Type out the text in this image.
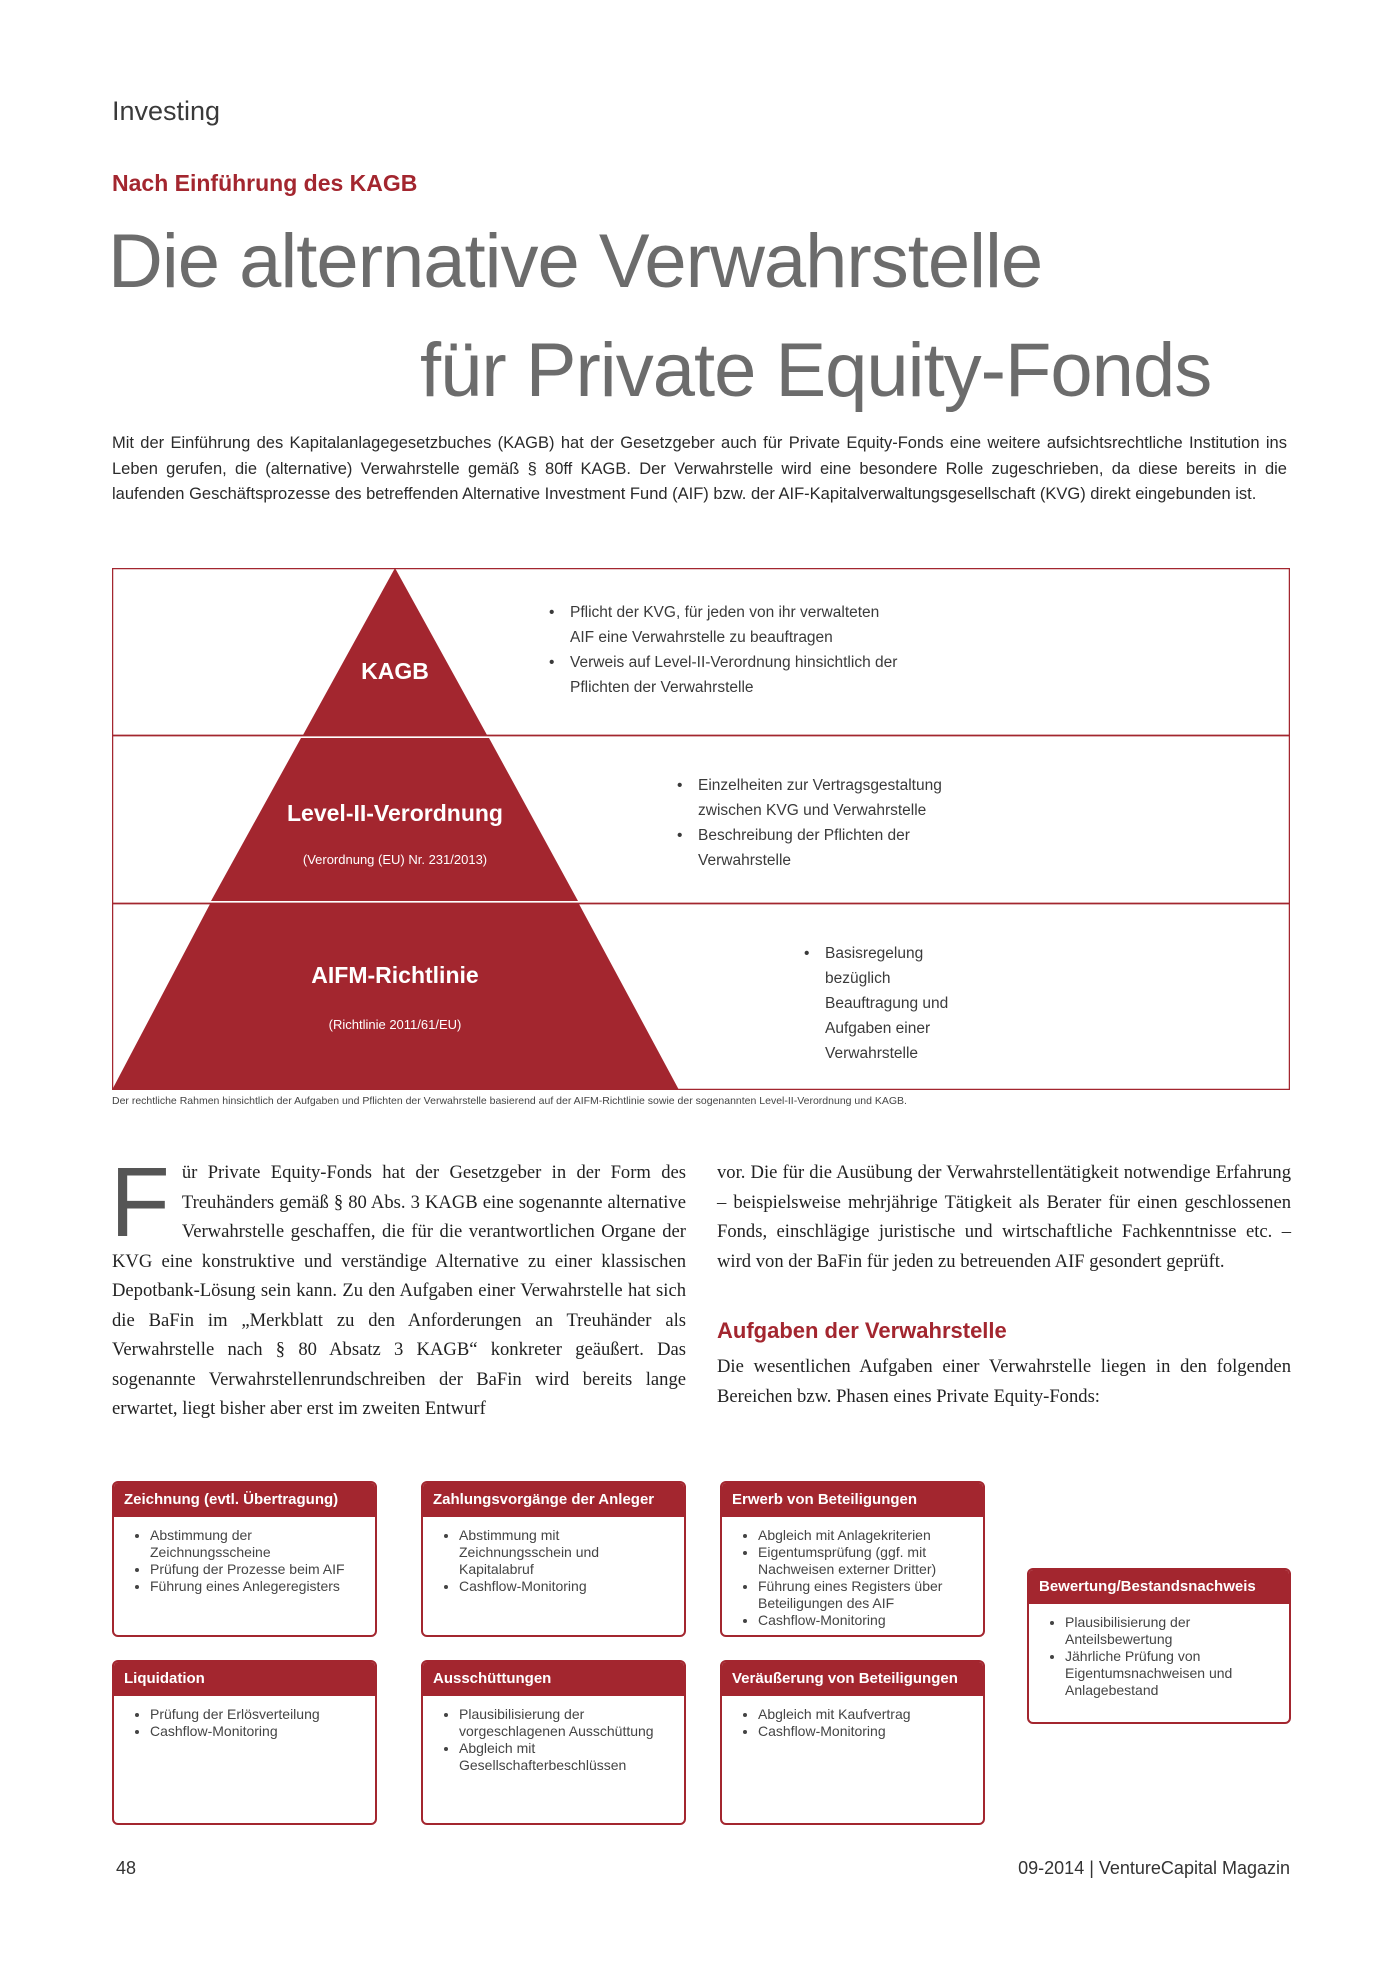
Investing
Nach Einführung des KAGB
Die alternative Verwahrstelle
für Private Equity-Fonds
Mit der Einführung des Kapitalanlagegesetzbuches (KAGB) hat der Gesetzgeber auch für Private Equity-Fonds eine weitere aufsichtsrechtliche Institution ins Leben gerufen, die (alternative) Verwahrstelle gemäß § 80ff KAGB. Der Verwahrstelle wird eine besondere Rolle zugeschrieben, da diese bereits in die laufenden Geschäftsprozesse des betreffenden Alternative Investment Fund (AIF) bzw. der AIF-Kapitalverwaltungsgesellschaft (KVG) direkt eingebunden ist.
KAGB
Level-II-Verordnung
(Verordnung (EU) Nr. 231/2013)
AIFM-Richtlinie
(Richtlinie 2011/61/EU)
• Pflicht der KVG, für jeden von ihr verwalteten
AIF eine Verwahrstelle zu beauftragen
• Verweis auf Level-II-Verordnung hinsichtlich der
Pflichten der Verwahrstelle
• Einzelheiten zur Vertragsgestaltung
zwischen KVG und Verwahrstelle
• Beschreibung der Pflichten der
Verwahrstelle
• Basisregelung
bezüglich
Beauftragung und
Aufgaben einer
Verwahrstelle
Der rechtliche Rahmen hinsichtlich der Aufgaben und Pflichten der Verwahrstelle basierend auf der AIFM-Richtlinie sowie der sogenannten Level-II-Verordnung und KAGB.
Für Private Equity-Fonds hat der Gesetzgeber in der Form des Treuhänders gemäß § 80 Abs. 3 KAGB eine sogenannte alternative Verwahrstelle geschaffen, die für die verantwortlichen Organe der KVG eine konstruktive und verständige Alternative zu einer klassischen Depotbank-Lösung sein kann. Zu den Aufgaben einer Verwahrstelle hat sich die BaFin im „Merkblatt zu den Anforderungen an Treuhänder als Verwahrstelle nach § 80 Absatz 3 KAGB“ konkreter geäußert. Das sogenannte Verwahrstellenrundschreiben der BaFin wird bereits lange erwartet, liegt bisher aber erst im zweiten Entwurf
vor. Die für die Ausübung der Verwahrstellentätigkeit notwendige Erfahrung – beispielsweise mehrjährige Tätigkeit als Berater für einen geschlossenen Fonds, einschlägige juristische und wirtschaftliche Fachkenntnisse etc. – wird von der BaFin für jeden zu betreuenden AIF gesondert geprüft.
Aufgaben der Verwahrstelle
Die wesentlichen Aufgaben einer Verwahrstelle liegen in den folgenden Bereichen bzw. Phasen eines Private Equity-Fonds:
Zeichnung (evtl. Übertragung)
• Abstimmung der Zeichnungsscheine
• Prüfung der Prozesse beim AIF
• Führung eines Anlegeregisters
Zahlungsvorgänge der Anleger
• Abstimmung mit Zeichnungsschein und Kapitalabruf
• Cashflow-Monitoring
Erwerb von Beteiligungen
• Abgleich mit Anlagekriterien
• Eigentumsprüfung (ggf. mit Nachweisen externer Dritter)
• Führung eines Registers über Beteiligungen des AIF
• Cashflow-Monitoring
Liquidation
• Prüfung der Erlösverteilung
• Cashflow-Monitoring
Ausschüttungen
• Plausibilisierung der vorgeschlagenen Ausschüttung
• Abgleich mit Gesellschafterbeschlüssen
Veräußerung von Beteiligungen
• Abgleich mit Kaufvertrag
• Cashflow-Monitoring
Bewertung/Bestandsnachweis
• Plausibilisierung der Anteilsbewertung
• Jährliche Prüfung von Eigentumsnachweisen und Anlagebestand
48	09-2014 | VentureCapital Magazin
